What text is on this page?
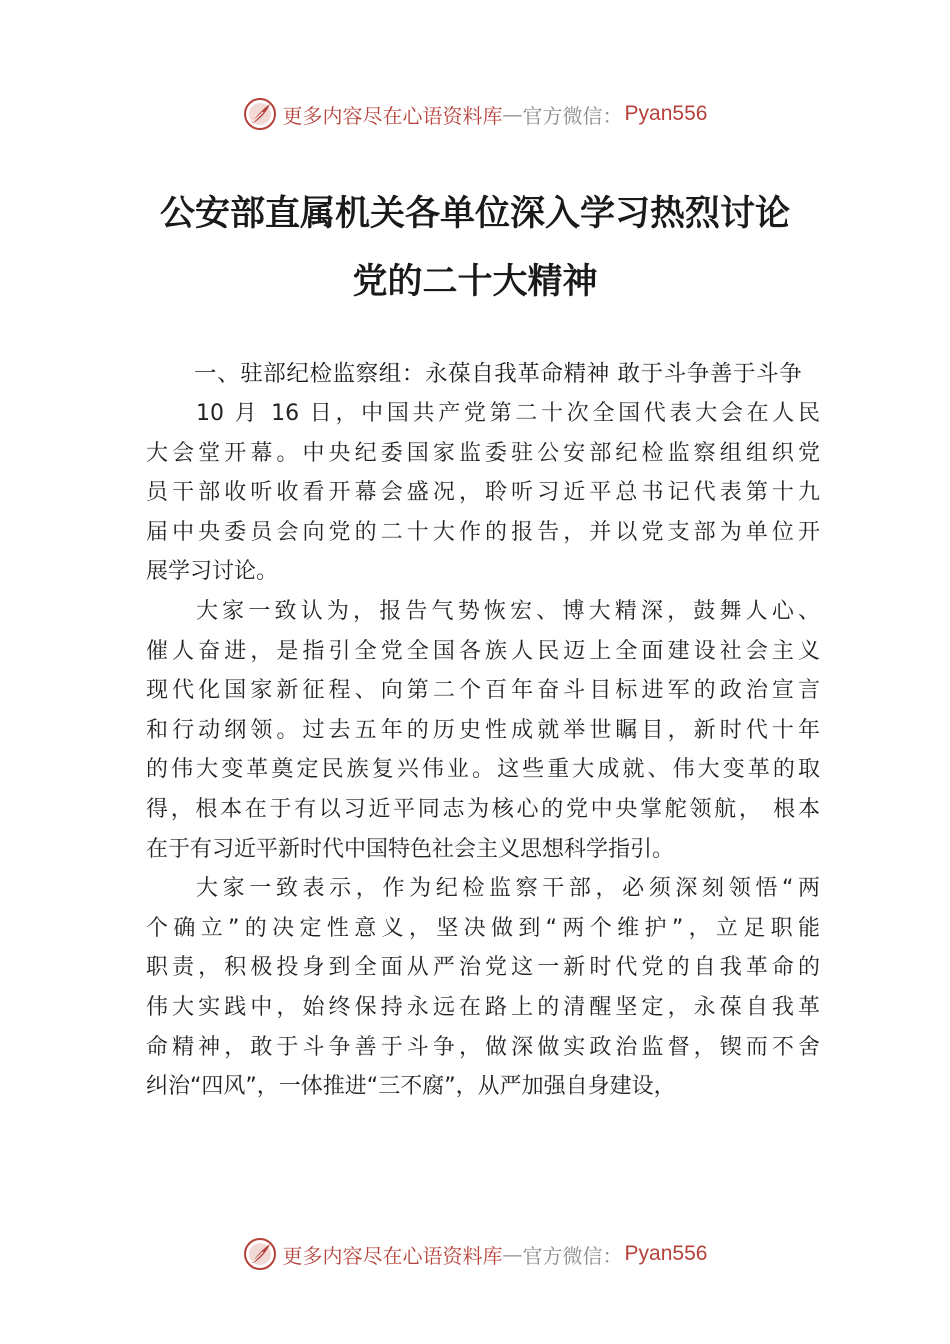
更多内容尽在心语资料库 — 官方微信： Pyan556
公安部直属机关各单位深入学习热烈讨论
党的二十大精神

一、驻部纪检监察组：永葆自我革命精神 敢于斗争善于斗争

10 月 16 日，中国共产党第二十次全国代表大会在人民
大会堂开幕。中央纪委国家监委驻公安部纪检监察组组织党
员干部收听收看开幕会盛况，聆听习近平总书记代表第十九
届中央委员会向党的二十大作的报告，并以党支部为单位开
展学习讨论。
大家一致认为，报告气势恢宏、博大精深，鼓舞人心、
催人奋进，是指引全党全国各族人民迈上全面建设社会主义
现代化国家新征程、向第二个百年奋斗目标进军的政治宣言
和行动纲领。过去五年的历史性成就举世瞩目，新时代十年
的伟大变革奠定民族复兴伟业。这些重大成就、伟大变革的取
得，根本在于有以习近平同志为核心的党中央掌舵领航， 根本
在于有习近平新时代中国特色社会主义思想科学指引。
大家一致表示，作为纪检监察干部，必须深刻领悟“两
个确立”的决定性意义，坚决做到“两个维护”，立足职能
职责，积极投身到全面从严治党这一新时代党的自我革命的
伟大实践中，始终保持永远在路上的清醒坚定，永葆自我革
命精神，敢于斗争善于斗争，做深做实政治监督，锲而不舍
纠治“四风”，一体推进“三不腐”，从严加强自身建设，
更多内容尽在心语资料库 — 官方微信： Pyan556
